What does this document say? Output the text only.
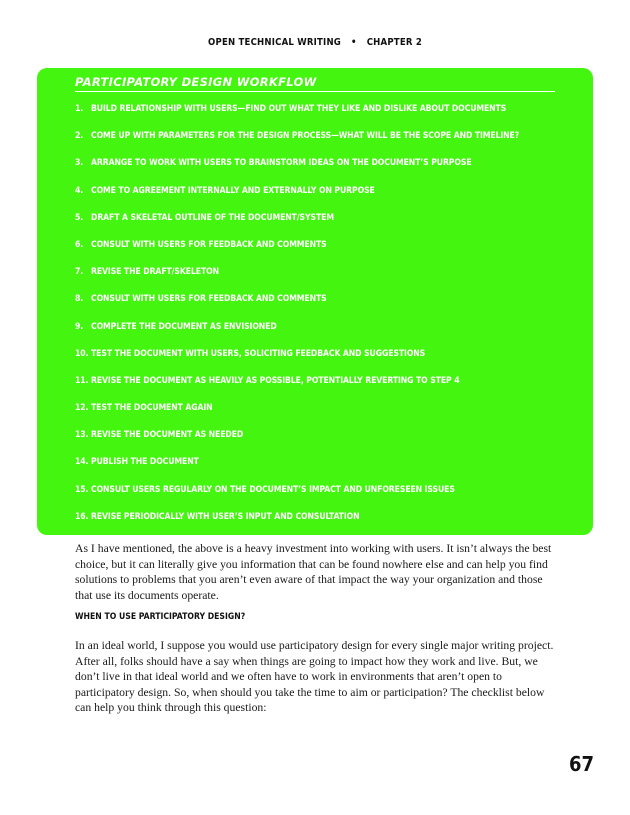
OPEN TECHNICAL WRITING • CHAPTER 2
PARTICIPATORY DESIGN WORKFLOW
1. BUILD RELATIONSHIP WITH USERS—FIND OUT WHAT THEY LIKE AND DISLIKE ABOUT DOCUMENTS
2. COME UP WITH PARAMETERS FOR THE DESIGN PROCESS—WHAT WILL BE THE SCOPE AND TIMELINE?
3. ARRANGE TO WORK WITH USERS TO BRAINSTORM IDEAS ON THE DOCUMENT’S PURPOSE
4. COME TO AGREEMENT INTERNALLY AND EXTERNALLY ON PURPOSE
5. DRAFT A SKELETAL OUTLINE OF THE DOCUMENT/SYSTEM
6. CONSULT WITH USERS FOR FEEDBACK AND COMMENTS
7. REVISE THE DRAFT/SKELETON
8. CONSULT WITH USERS FOR FEEDBACK AND COMMENTS
9. COMPLETE THE DOCUMENT AS ENVISIONED
10. TEST THE DOCUMENT WITH USERS, SOLICITING FEEDBACK AND SUGGESTIONS
11. REVISE THE DOCUMENT AS HEAVILY AS POSSIBLE, POTENTIALLY REVERTING TO STEP 4
12. TEST THE DOCUMENT AGAIN
13. REVISE THE DOCUMENT AS NEEDED
14. PUBLISH THE DOCUMENT
15. CONSULT USERS REGULARLY ON THE DOCUMENT’S IMPACT AND UNFORESEEN ISSUES
16. REVISE PERIODICALLY WITH USER’S INPUT AND CONSULTATION

As I have mentioned, the above is a heavy investment into working with users. It isn’t always the best choice, but it can literally give you information that can be found nowhere else and can help you find solutions to problems that you aren’t even aware of that impact the way your organization and those that use its documents operate.

WHEN TO USE PARTICIPATORY DESIGN?

In an ideal world, I suppose you would use participatory design for every single major writing project. After all, folks should have a say when things are going to impact how they work and live. But, we don’t live in that ideal world and we often have to work in environments that aren’t open to participatory design. So, when should you take the time to aim or participation? The checklist below can help you think through this question:

67
